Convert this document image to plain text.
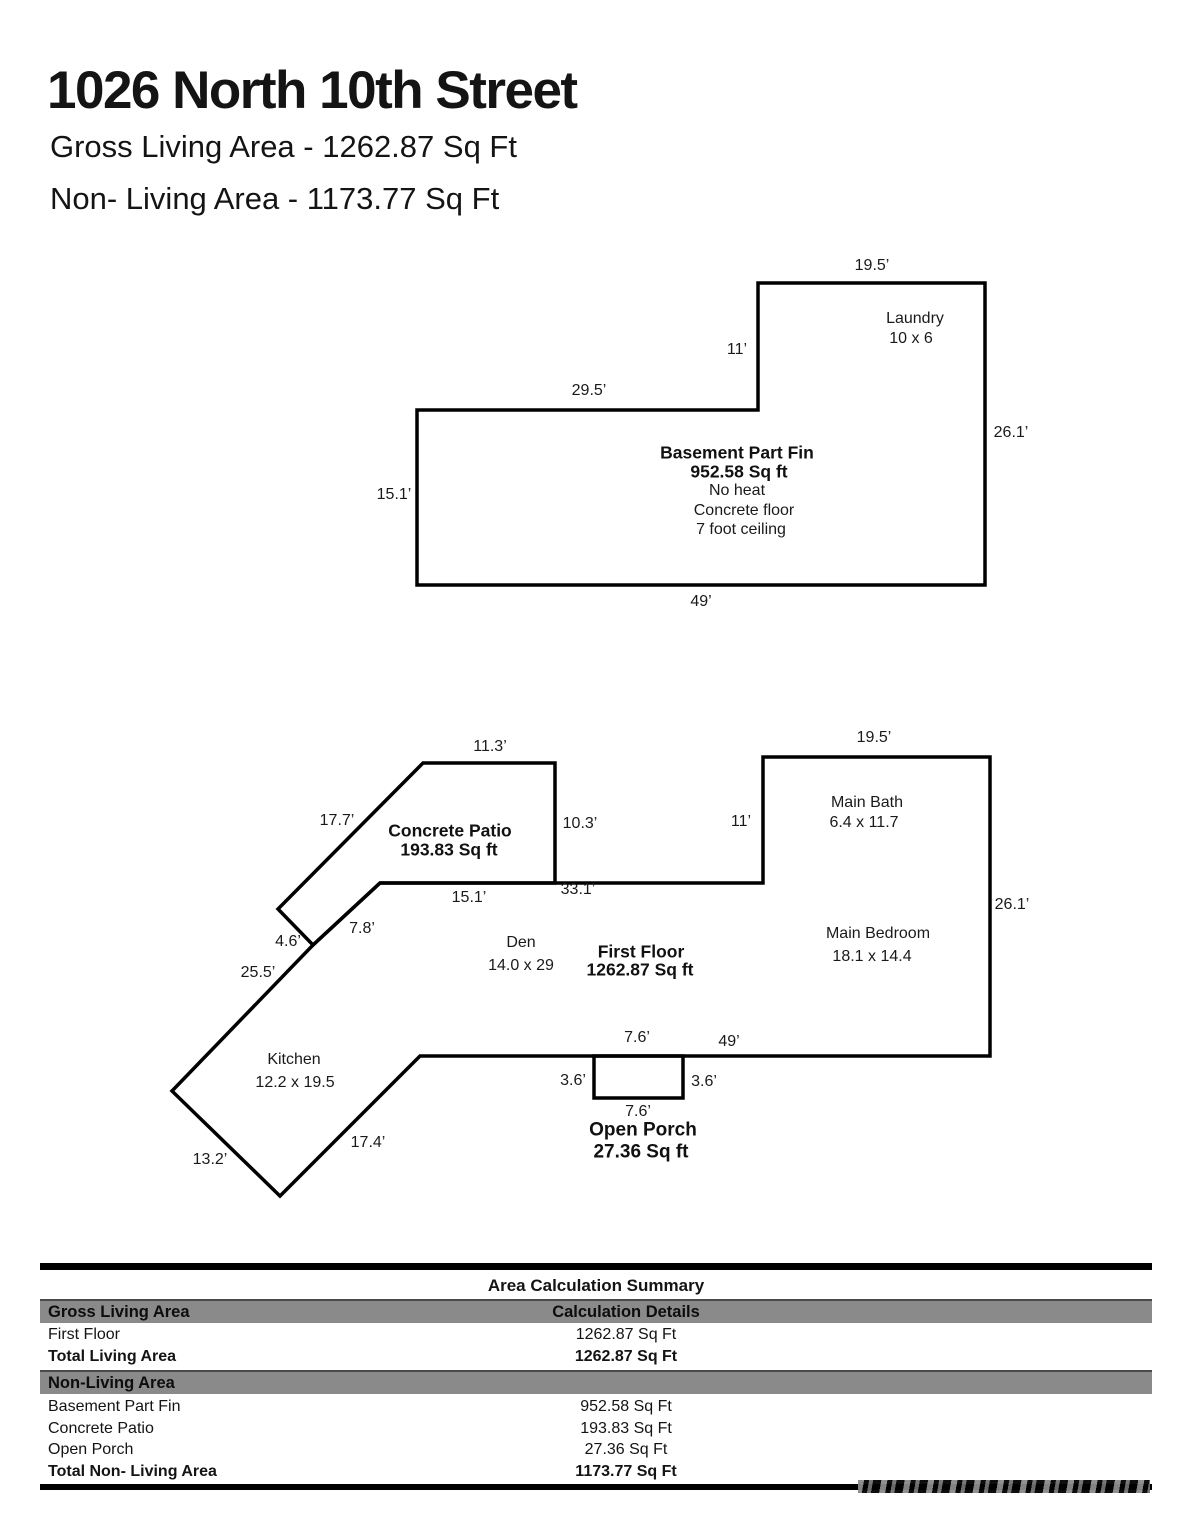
1026 North 10th Street
Gross Living Area - 1262.87 Sq Ft
Non- Living Area - 1173.77 Sq Ft
19.5’
Laundry
10 x 6
11’
29.5’
15.1’
Basement Part Fin
952.58 Sq ft
No heat
Concrete floor
7 foot ceiling
26.1’
49’
11.3’
17.7’ Concrete Patio
193.83 Sq ft
10.3’
15.1’
4.6’
19.5’
Main Bath
6.4 x 11.7
11’
33.1’
26.1’
7.8’
25.5’
Den
14.0 x 29
First Floor
1262.87 Sq ft
Main Bedroom
18.1 x 14.4
Kitchen
12.2 x 19.5
13.2’
17.4’
49’
7.6’
3.6’	3.6’
7.6’
Open Porch
27.36 Sq ft
Area Calculation Summary
Gross Living Area	Calculation Details
First Floor	1262.87 Sq Ft
Total Living Area	1262.87 Sq Ft
Non-Living Area
Basement Part Fin	952.58 Sq Ft
Concrete Patio	193.83 Sq Ft
Open Porch	27.36 Sq Ft
Total Non- Living Area	1173.77 Sq Ft
